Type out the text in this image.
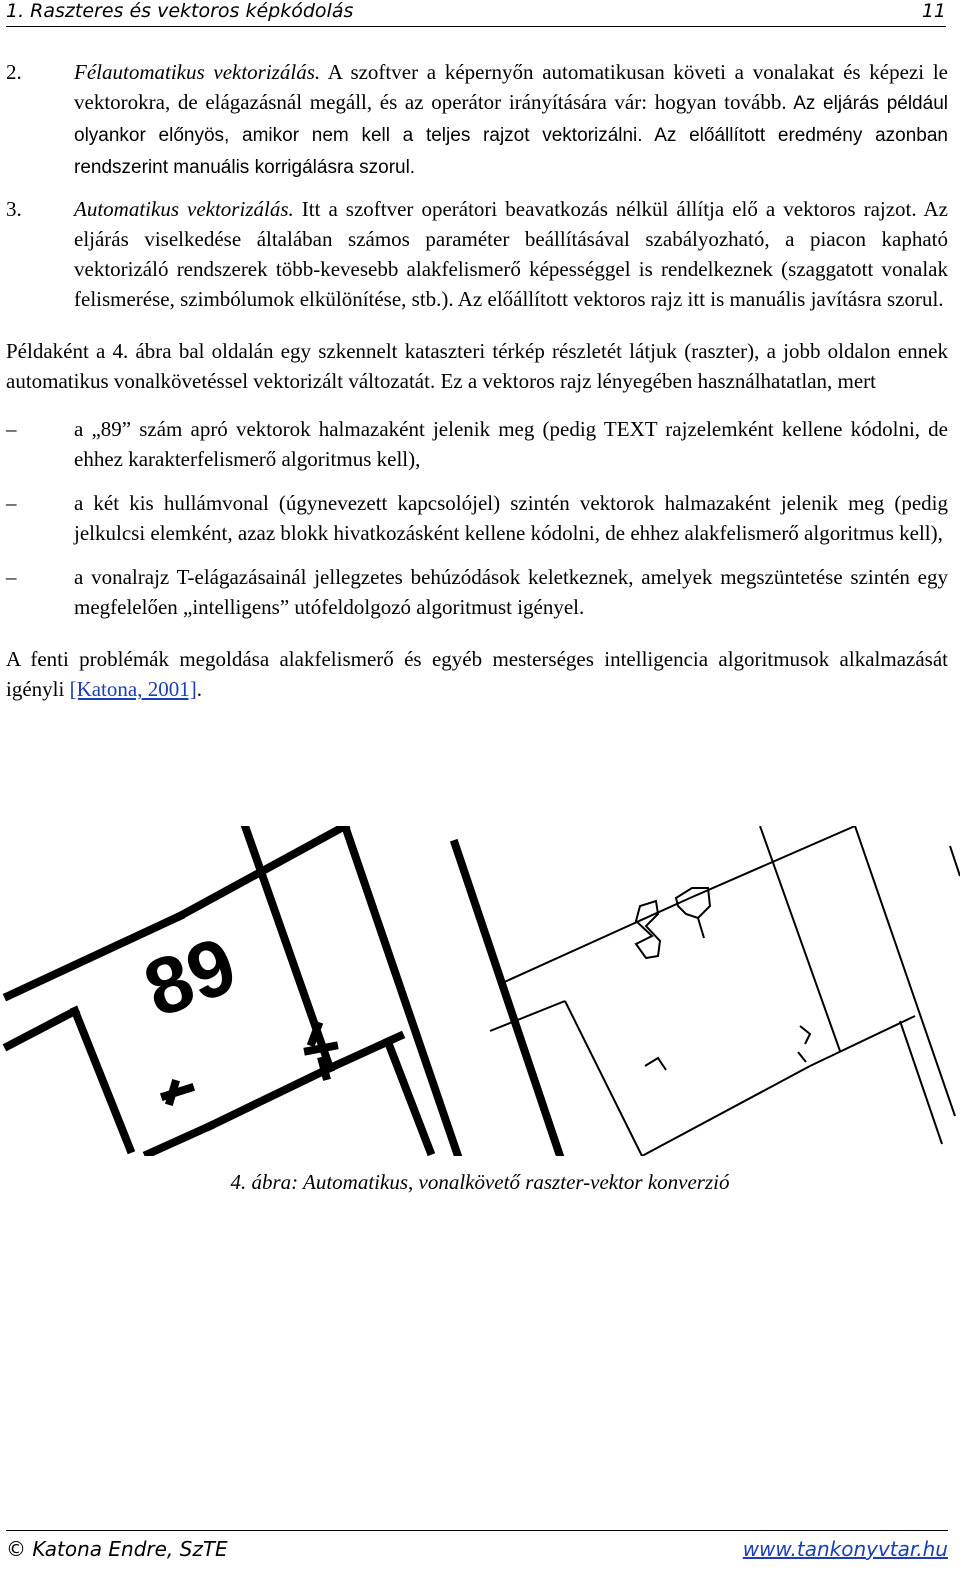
1. Raszteres és vektoros képkódolás	11
2.	Félautomatikus vektorizálás. A szoftver a képernyőn automatikusan követi a vonalakat és képezi le vektorokra, de elágazásnál megáll, és az operátor irányítására vár: hogyan tovább. Az eljárás például olyankor előnyös, amikor nem kell a teljes rajzot vektorizálni. Az előállított eredmény azonban rendszerint manuális korrigálásra szorul.
3.	Automatikus vektorizálás. Itt a szoftver operátori beavatkozás nélkül állítja elő a vektoros rajzot. Az eljárás viselkedése általában számos paraméter beállításával szabályozható, a piacon kapható vektorizáló rendszerek több-kevesebb alakfelismerő képességgel is rendelkeznek (szaggatott vonalak felismerése, szimbólumok elkülönítése, stb.). Az előállított vektoros rajz itt is manuális javításra szorul.

Példaként a 4. ábra bal oldalán egy szkennelt kataszteri térkép részletét látjuk (raszter), a jobb oldalon ennek automatikus vonalkövetéssel vektorizált változatát. Ez a vektoros rajz lényegében használhatatlan, mert

–	a „89” szám apró vektorok halmazaként jelenik meg (pedig TEXT rajzelemként kellene kódolni, de ehhez karakterfelismerő algoritmus kell),
–	a két kis hullámvonal (úgynevezett kapcsolójel) szintén vektorok halmazaként jelenik meg (pedig jelkulcsi elemként, azaz blokk hivatkozásként kellene kódolni, de ehhez alakfelismerő algoritmus kell),
–	a vonalrajz T-elágazásainál jellegzetes behúzódások keletkeznek, amelyek megszüntetése szintén egy megfelelően „intelligens” utófeldolgozó algoritmust igényel.

A fenti problémák megoldása alakfelismerő és egyéb mesterséges intelligencia algoritmusok alkalmazását igényli [Katona, 2001].

89
4. ábra: Automatikus, vonalkövető raszter-vektor konverzió
© Katona Endre, SzTE	www.tankonyvtar.hu
